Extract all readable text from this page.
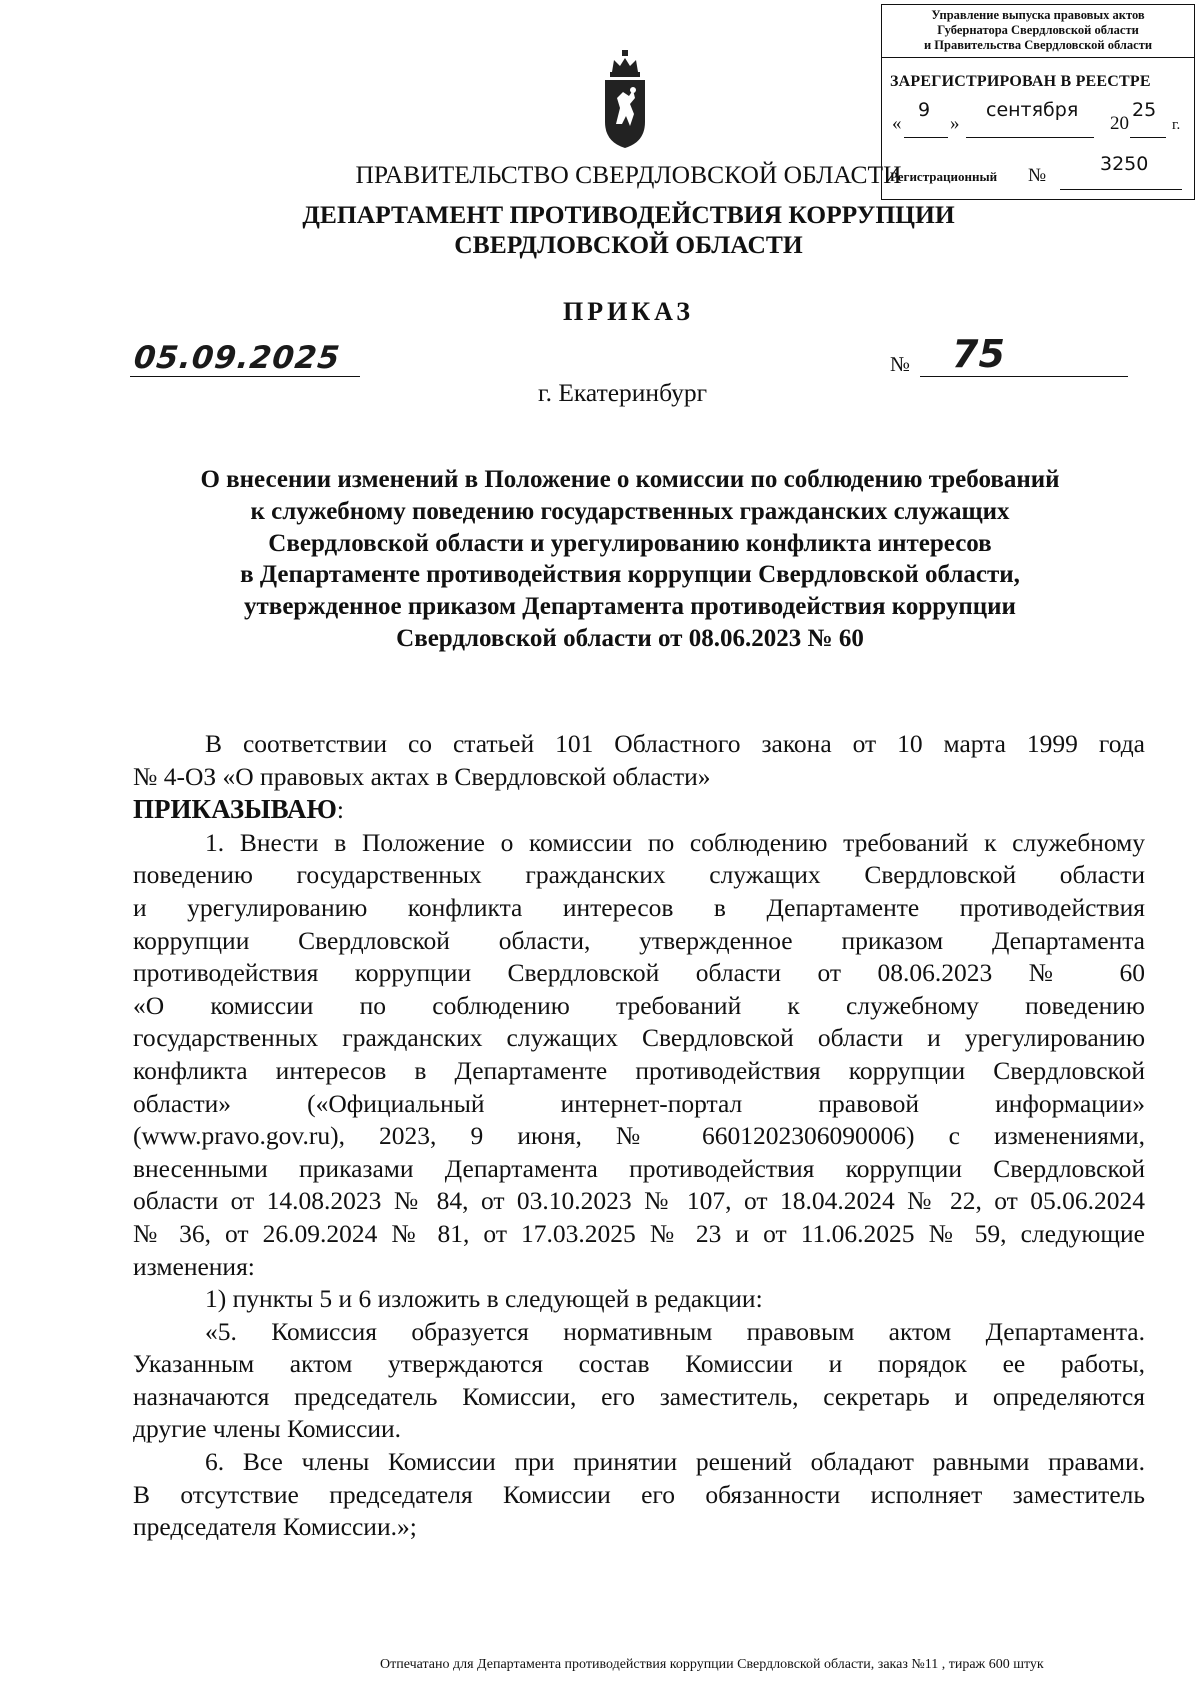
Управление выпуска правовых актов
Губернатора Свердловской области
и Правительства Свердловской области
ЗАРЕГИСТРИРОВАН В РЕЕСТРЕ
«
9
»
сентября
20
25
г.
Регистрационный №
3250
ПРАВИТЕЛЬСТВО СВЕРДЛОВСКОЙ ОБЛАСТИ
ДЕПАРТАМЕНТ ПРОТИВОДЕЙСТВИЯ КОРРУПЦИИ
СВЕРДЛОВСКОЙ ОБЛАСТИ
ПРИКАЗ
05.09.2025	№ 75
г. Екатеринбург
О внесении изменений в Положение о комиссии по соблюдению требований
к служебному поведению государственных гражданских служащих
Свердловской области и урегулированию конфликта интересов
в Департаменте противодействия коррупции Свердловской области,
утвержденное приказом Департамента противодействия коррупции
Свердловской области от 08.06.2023 № 60
В соответствии со статьей 101 Областного закона от 10 марта 1999 года
№ 4-ОЗ «О правовых актах в Свердловской области»
ПРИКАЗЫВАЮ:
1. Внести в Положение о комиссии по соблюдению требований к служебному
поведению государственных гражданских служащих Свердловской области
и урегулированию конфликта интересов в Департаменте противодействия
коррупции Свердловской области, утвержденное приказом Департамента
противодействия коррупции Свердловской области от 08.06.2023 № 60
«О комиссии по соблюдению требований к служебному поведению
государственных гражданских служащих Свердловской области и урегулированию
конфликта интересов в Департаменте противодействия коррупции Свердловской
области» («Официальный интернет-портал правовой информации»
(www.pravo.gov.ru), 2023, 9 июня, № 6601202306090006) с изменениями,
внесенными приказами Департамента противодействия коррупции Свердловской
области от 14.08.2023 № 84, от 03.10.2023 № 107, от 18.04.2024 № 22, от 05.06.2024
№ 36, от 26.09.2024 № 81, от 17.03.2025 № 23 и от 11.06.2025 № 59, следующие
изменения:
1) пункты 5 и 6 изложить в следующей в редакции:
«5. Комиссия образуется нормативным правовым актом Департамента.
Указанным актом утверждаются состав Комиссии и порядок ее работы,
назначаются председатель Комиссии, его заместитель, секретарь и определяются
другие члены Комиссии.
6. Все члены Комиссии при принятии решений обладают равными правами.
В отсутствие председателя Комиссии его обязанности исполняет заместитель
председателя Комиссии.»;
Отпечатано для Департамента противодействия коррупции Свердловской области, заказ №11 , тираж 600 штук
